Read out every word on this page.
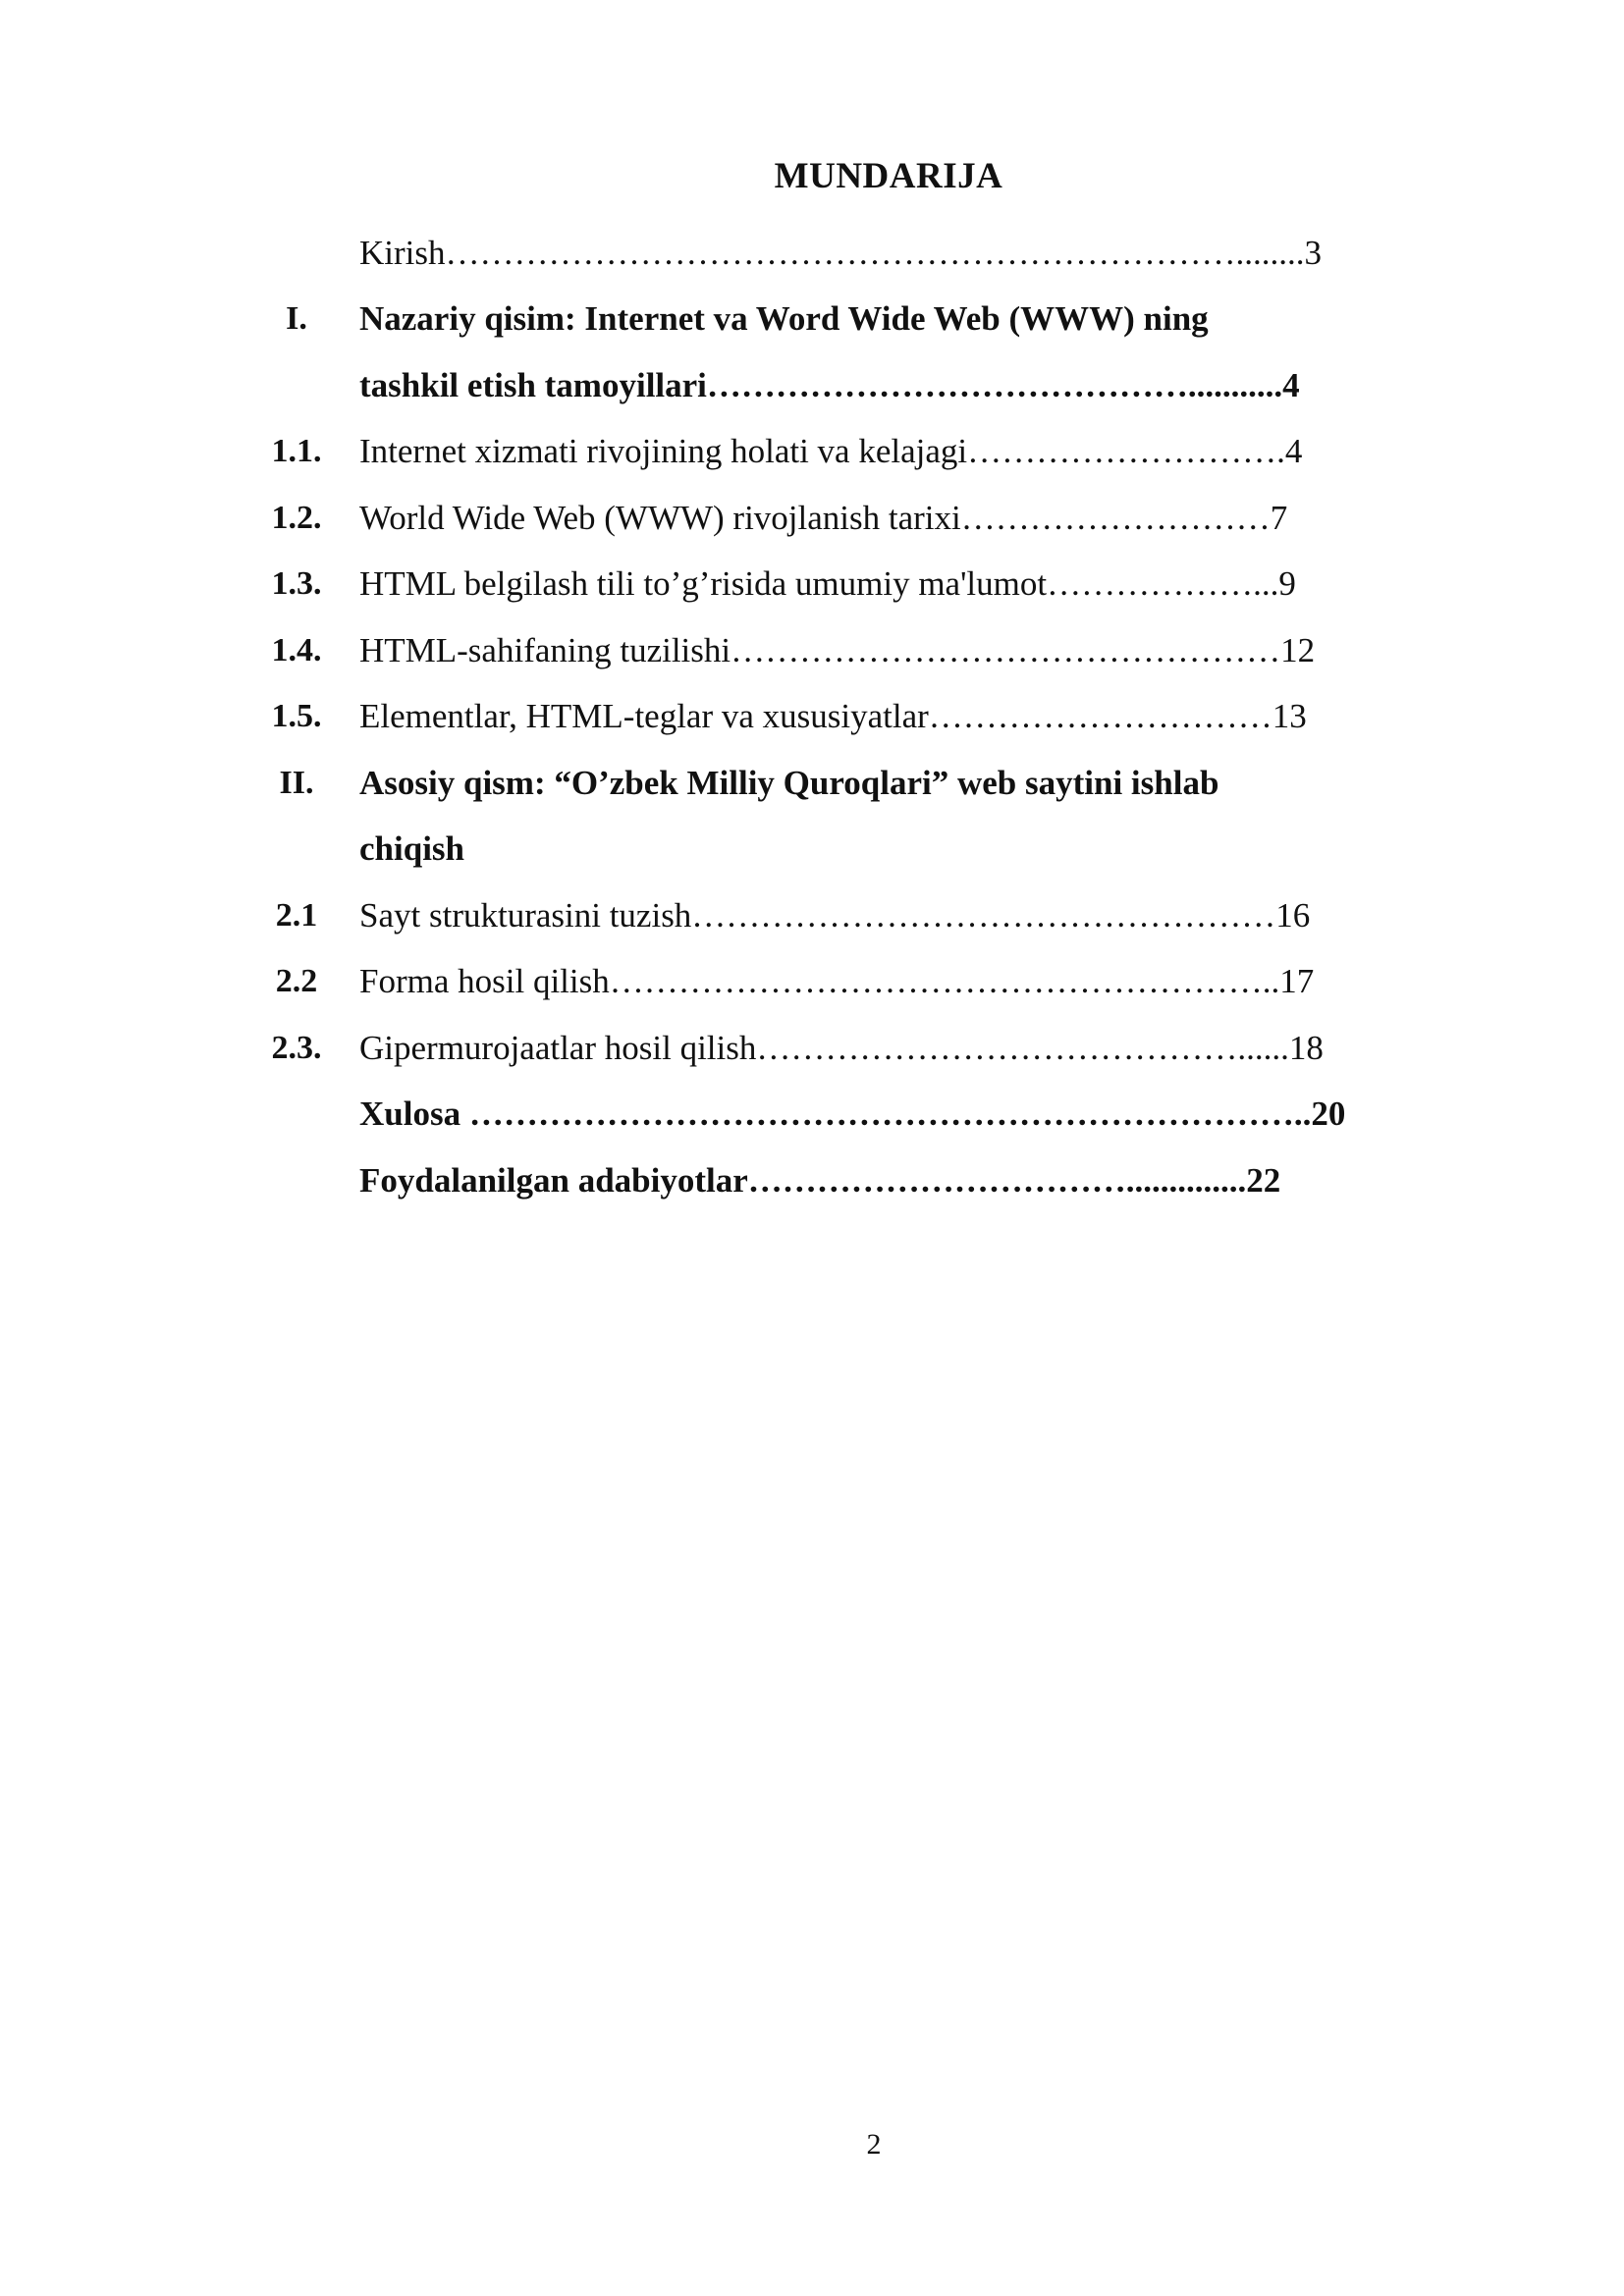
MUNDARIJA
Kirish……………………………………………………………........3
I.	Nazariy qisim: Internet va Word Wide Web (WWW) ning
tashkil etish tamoyillari……………………………………...........4
1.1.	Internet xizmati rivojining holati va kelajagi……………………….4
1.2.	World Wide Web (WWW) rivojlanish tarixi………………………7
1.3.	HTML belgilash tili to’g’risida umumiy ma'lumot………………...9
1.4.	HTML-sahifaning tuzilishi…………………………………………12
1.5.	Elementlar, HTML-teglar va xususiyatlar…………………………13
II.	Asosiy qism: “O’zbek Milliy Quroqlari” web saytini ishlab
chiqish
2.1	Sayt strukturasini tuzish……………………………………………16
2.2	Forma hosil qilish…………………………………………………..17
2.3.	Gipermurojaatlar hosil qilish……………………………………......18
Xulosa ………………………………………………………………..20
Foydalanilgan adabiyotlar……………………………..............22
2
